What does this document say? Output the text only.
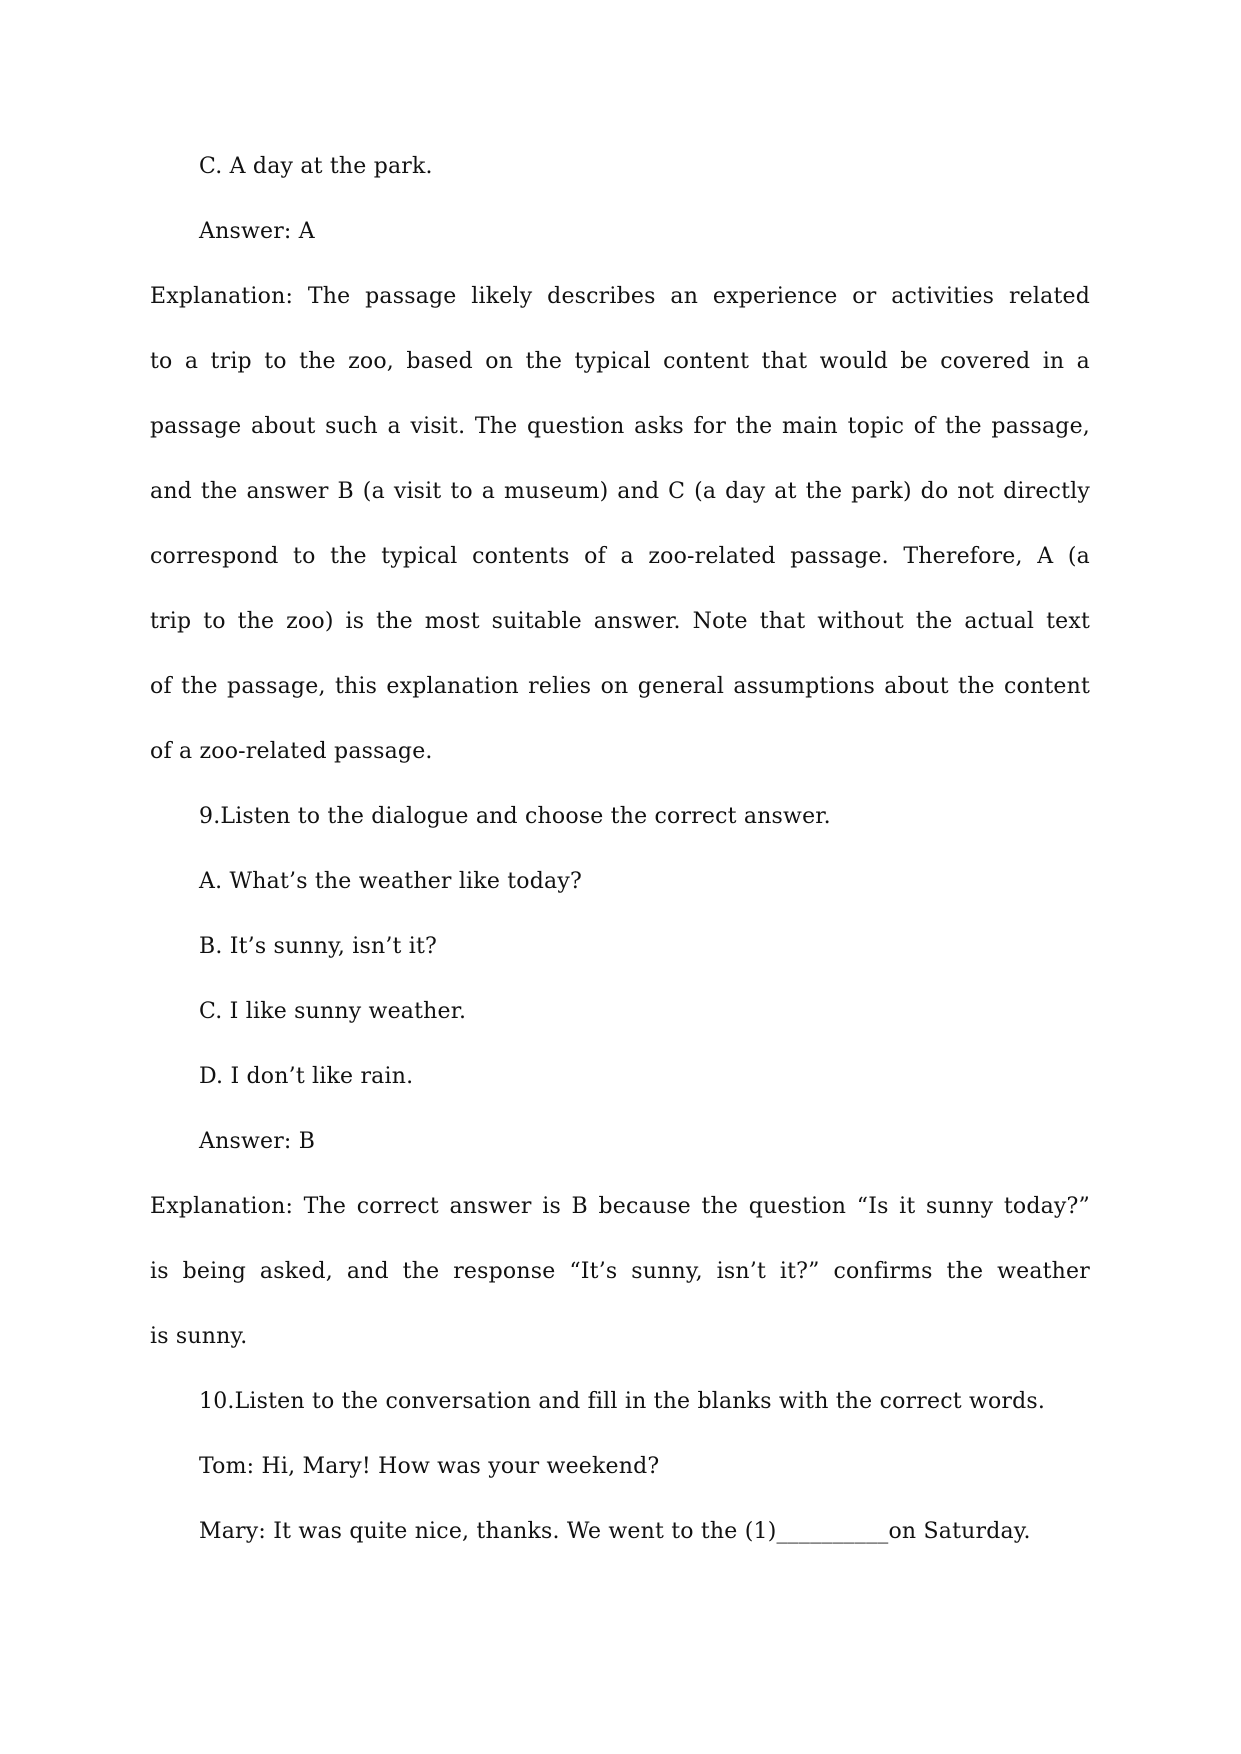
C. A day at the park.
Answer: A
Explanation: The passage likely describes an experience or activities related
to a trip to the zoo, based on the typical content that would be covered in a
passage about such a visit. The question asks for the main topic of the passage,
and the answer B (a visit to a museum) and C (a day at the park) do not directly
correspond to the typical contents of a zoo-related passage. Therefore, A (a
trip to the zoo) is the most suitable answer. Note that without the actual text
of the passage, this explanation relies on general assumptions about the content
of a zoo-related passage.
9.Listen to the dialogue and choose the correct answer.
A. What’s the weather like today?
B. It’s sunny, isn’t it?
C. I like sunny weather.
D. I don’t like rain.
Answer: B
Explanation: The correct answer is B because the question “Is it sunny today?”
is being asked, and the response “It’s sunny, isn’t it?” confirms the weather
is sunny.
10.Listen to the conversation and fill in the blanks with the correct words.
Tom: Hi, Mary! How was your weekend?
Mary: It was quite nice, thanks. We went to the (1)__________on Saturday.
